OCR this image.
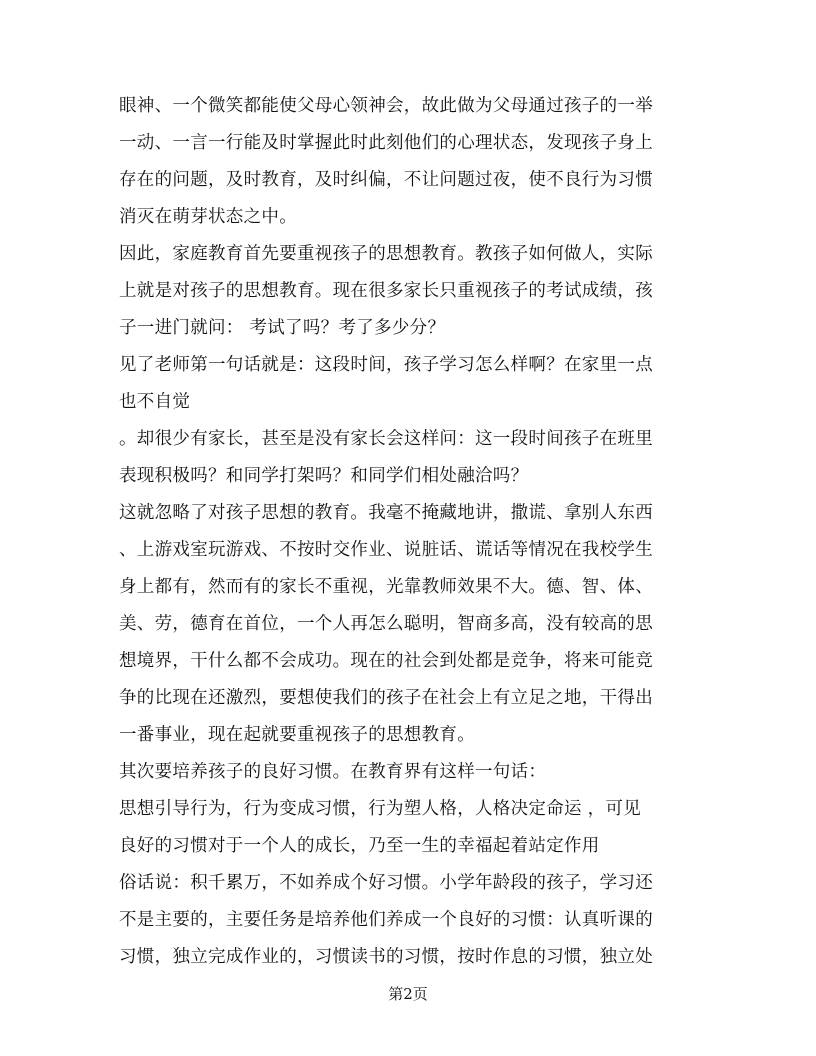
眼神、一个微笑都能使父母心领神会，故此做为父母通过孩子的一举
一动、一言一行能及时掌握此时此刻他们的心理状态，发现孩子身上
存在的问题，及时教育，及时纠偏，不让问题过夜，使不良行为习惯
消灭在萌芽状态之中。
因此，家庭教育首先要重视孩子的思想教育。教孩子如何做人，实际
上就是对孩子的思想教育。现在很多家长只重视孩子的考试成绩，孩
子一进门就问： 考试了吗？考了多少分？
见了老师第一句话就是：这段时间，孩子学习怎么样啊？在家里一点
也不自觉
。却很少有家长，甚至是没有家长会这样问：这一段时间孩子在班里
表现积极吗？和同学打架吗？和同学们相处融洽吗？
这就忽略了对孩子思想的教育。我毫不掩藏地讲，撒谎、拿别人东西
、上游戏室玩游戏、不按时交作业、说脏话、谎话等情况在我校学生
身上都有，然而有的家长不重视，光靠教师效果不大。德、智、体、
美、劳，德育在首位，一个人再怎么聪明，智商多高，没有较高的思
想境界，干什么都不会成功。现在的社会到处都是竞争，将来可能竞
争的比现在还激烈，要想使我们的孩子在社会上有立足之地，干得出
一番事业，现在起就要重视孩子的思想教育。
其次要培养孩子的良好习惯。在教育界有这样一句话：
思想引导行为，行为变成习惯，行为塑人格，人格决定命运 ，可见
良好的习惯对于一个人的成长，乃至一生的幸福起着站定作用
俗话说：积千累万，不如养成个好习惯。小学年龄段的孩子，学习还
不是主要的，主要任务是培养他们养成一个良好的习惯：认真听课的
习惯，独立完成作业的，习惯读书的习惯，按时作息的习惯，独立处
第2页
